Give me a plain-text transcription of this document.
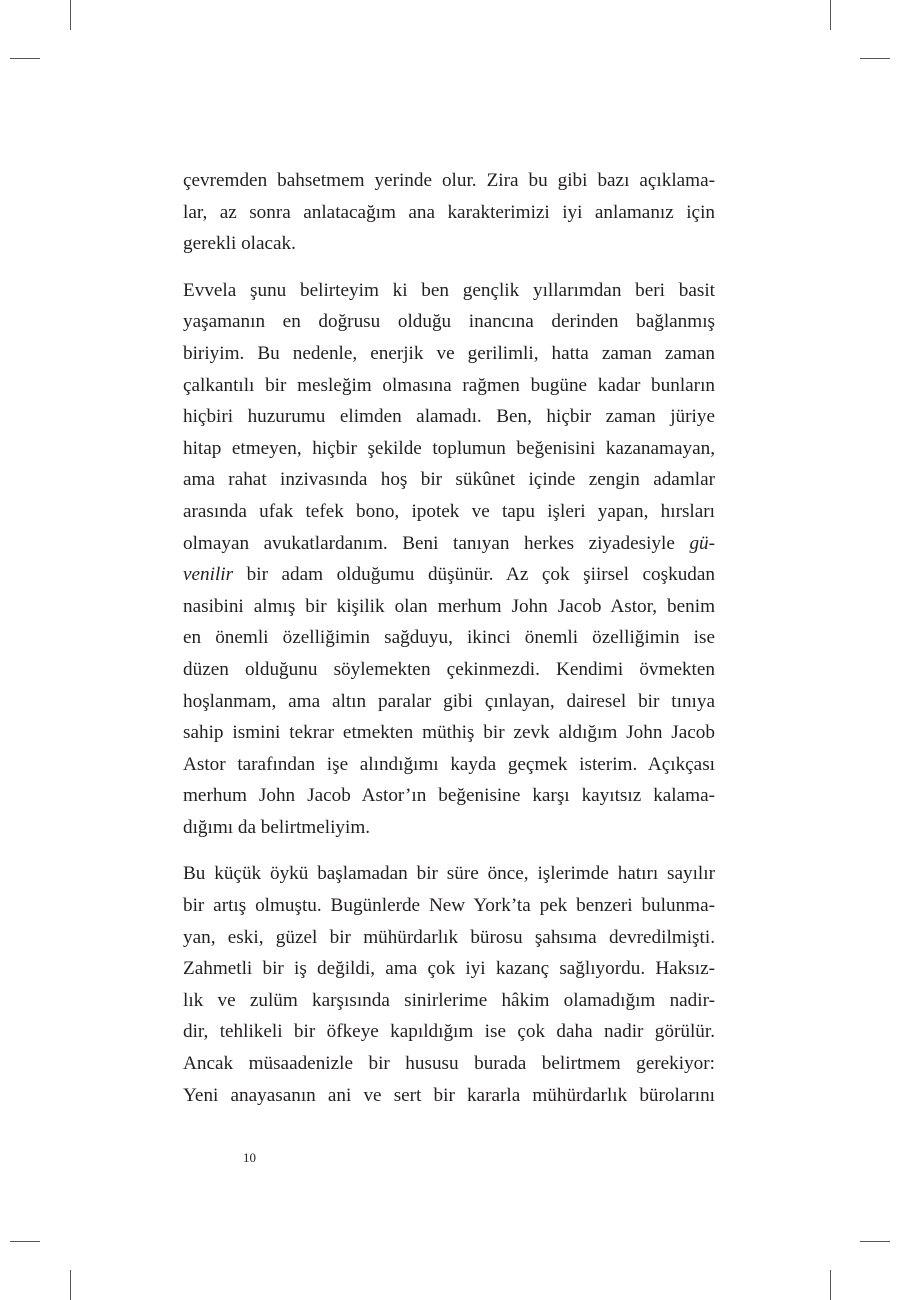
çevremden bahsetmem yerinde olur. Zira bu gibi bazı açıklama-
lar, az sonra anlatacağım ana karakterimizi iyi anlamanız için
gerekli olacak.
Evvela şunu belirteyim ki ben gençlik yıllarımdan beri basit
yaşamanın en doğrusu olduğu inancına derinden bağlanmış
biriyim. Bu nedenle, enerjik ve gerilimli, hatta zaman zaman
çalkantılı bir mesleğim olmasına rağmen bugüne kadar bunların
hiçbiri huzurumu elimden alamadı. Ben, hiçbir zaman jüriye
hitap etmeyen, hiçbir şekilde toplumun beğenisini kazanamayan,
ama rahat inzivasında hoş bir sükûnet içinde zengin adamlar
arasında ufak tefek bono, ipotek ve tapu işleri yapan, hırsları
olmayan avukatlardanım. Beni tanıyan herkes ziyadesiyle gü-
venilir bir adam olduğumu düşünür. Az çok şiirsel coşkudan
nasibini almış bir kişilik olan merhum John Jacob Astor, benim
en önemli özelliğimin sağduyu, ikinci önemli özelliğimin ise
düzen olduğunu söylemekten çekinmezdi. Kendimi övmekten
hoşlanmam, ama altın paralar gibi çınlayan, dairesel bir tınıya
sahip ismini tekrar etmekten müthiş bir zevk aldığım John Jacob
Astor tarafından işe alındığımı kayda geçmek isterim. Açıkçası
merhum John Jacob Astor’ın beğenisine karşı kayıtsız kalama-
dığımı da belirtmeliyim.
Bu küçük öykü başlamadan bir süre önce, işlerimde hatırı sayılır
bir artış olmuştu. Bugünlerde New York’ta pek benzeri bulunma-
yan, eski, güzel bir mühürdarlık bürosu şahsıma devredilmişti.
Zahmetli bir iş değildi, ama çok iyi kazanç sağlıyordu. Haksız-
lık ve zulüm karşısında sinirlerime hâkim olamadığım nadir-
dir, tehlikeli bir öfkeye kapıldığım ise çok daha nadir görülür.
Ancak müsaadenizle bir hususu burada belirtmem gerekiyor:
Yeni anayasanın ani ve sert bir kararla mühürdarlık bürolarını
10
